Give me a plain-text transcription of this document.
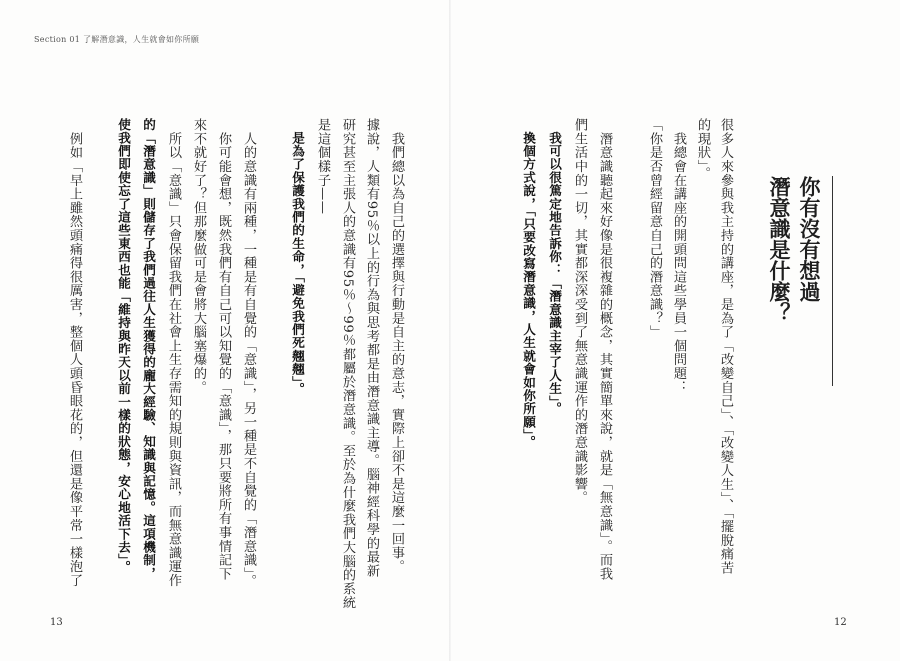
Section 01 了解潛意識，人生就會如你所願
13	12
你有沒有想過
潛意識是什麼？
很多人來參與我主持的講座，是為了「改變自己」、「改變人生」、「擺脫痛苦
的現狀」。
　我總會在講座的開頭問這些學員一個問題：
「你是否曾經留意自己的潛意識？」
　潛意識聽起來好像是很複雜的概念，其實簡單來說，就是「無意識」。而我
們生活中的一切，其實都深深受到了無意識運作的潛意識影響。
　我可以很篤定地告訴你：「潛意識主宰了人生」。
　換個方式說，「只要改寫潛意識，人生就會如你所願」。
　我們總以為自己的選擇與行動是自主的意志，實際上卻不是這麼一回事。
據說，人類有95％以上的行為與思考都是由潛意識主導。腦神經科學的最新
研究甚至主張人的意識有95％～99％都屬於潛意識。至於為什麼我們大腦的系統
是這個樣子——
　是為了保護我們的生命，「避免我們死翹翹」。
　人的意識有兩種，一種是有自覺的「意識」，另一種是不自覺的「潛意識」。
　你可能會想，既然我們有自己可以知覺的「意識」，那只要將所有事情記下
來不就好了？但那麼做可是會將大腦塞爆的。
　所以「意識」只會保留我們在社會上生存需知的規則與資訊，而無意識運作
的「潛意識」則儲存了我們過往人生獲得的龐大經驗、知識與記憶。這項機制，
使我們即使忘了這些東西也能「維持與昨天以前一樣的狀態，安心地活下去」。
　例如「早上雖然頭痛得很厲害，整個人頭昏眼花的，但還是像平常一樣泡了
